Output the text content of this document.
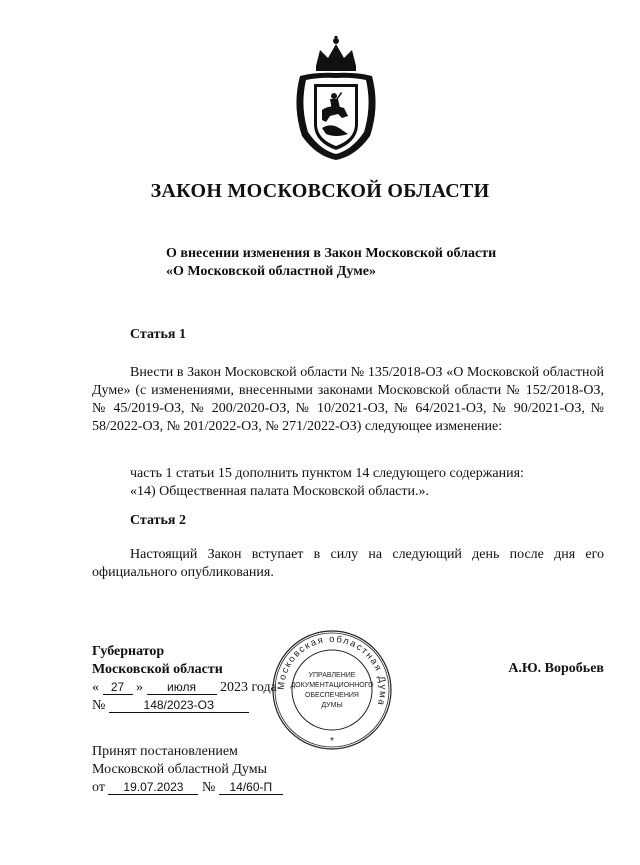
ЗАКОН МОСКОВСКОЙ ОБЛАСТИ
О внесении изменения в Закон Московской области
«О Московской областной Думе»
Статья 1
Внести в Закон Московской области № 135/2018-ОЗ «О Московской областной Думе» (с изменениями, внесенными законами Московской области № 152/2018-ОЗ, № 45/2019-ОЗ, № 200/2020-ОЗ, № 10/2021-ОЗ, № 64/2021-ОЗ, № 90/2021-ОЗ, № 58/2022-ОЗ, № 201/2022-ОЗ, № 271/2022-ОЗ) следующее изменение:
часть 1 статьи 15 дополнить пунктом 14 следующего содержания:
«14) Общественная палата Московской области.».
Статья 2
Настоящий Закон вступает в силу на следующий день после дня его официального опубликования.
Губернатор
Московской области
« 27 » июля 2023 года
№	148/2023-ОЗ
А.Ю. Воробьев
Московская областная Дума
УПРАВЛЕНИЕ
ДОКУМЕНТАЦИОННОГО
ОБЕСПЕЧЕНИЯ
ДУМЫ
*
Принят постановлением
Московской областной Думы
от 19.07.2023 № 14/60-П
